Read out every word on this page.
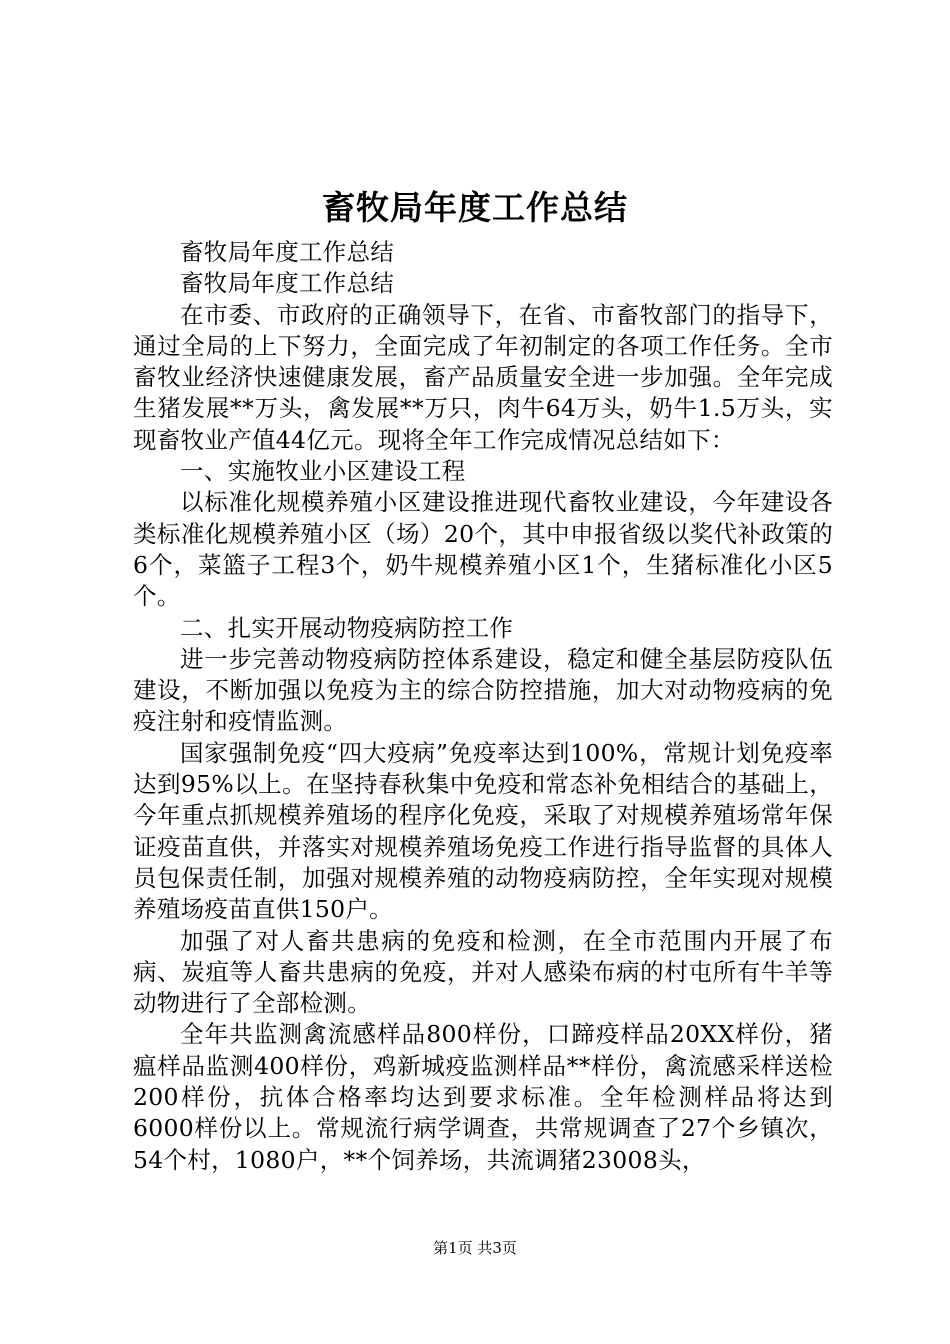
畜牧局年度工作总结

畜牧局年度工作总结

畜牧局年度工作总结

在市委、市政府的正确领导下，在省、市畜牧部门的指导下，通过全局的上下努力，全面完成了年初制定的各项工作任务。全市畜牧业经济快速健康发展，畜产品质量安全进一步加强。全年完成生猪发展**万头，禽发展**万只，肉牛64万头，奶牛1.5万头，实现畜牧业产值44亿元。现将全年工作完成情况总结如下：

一、实施牧业小区建设工程

以标准化规模养殖小区建设推进现代畜牧业建设，今年建设各类标准化规模养殖小区（场）20个，其中申报省级以奖代补政策的6个，菜篮子工程3个，奶牛规模养殖小区1个，生猪标准化小区5个。

二、扎实开展动物疫病防控工作

进一步完善动物疫病防控体系建设，稳定和健全基层防疫队伍建设，不断加强以免疫为主的综合防控措施，加大对动物疫病的免疫注射和疫情监测。

国家强制免疫“四大疫病”免疫率达到100%，常规计划免疫率达到95%以上。在坚持春秋集中免疫和常态补免相结合的基础上，今年重点抓规模养殖场的程序化免疫，采取了对规模养殖场常年保证疫苗直供，并落实对规模养殖场免疫工作进行指导监督的具体人员包保责任制，加强对规模养殖的动物疫病防控，全年实现对规模养殖场疫苗直供150户。

加强了对人畜共患病的免疫和检测，在全市范围内开展了布病、炭疽等人畜共患病的免疫，并对人感染布病的村屯所有牛羊等动物进行了全部检测。

全年共监测禽流感样品800样份，口蹄疫样品20XX样份，猪瘟样品监测400样份，鸡新城疫监测样品**样份，禽流感采样送检200样份，抗体合格率均达到要求标准。全年检测样品将达到6000样份以上。常规流行病学调查，共常规调查了27个乡镇次，54个村，1080户，**个饲养场，共流调猪23008头，

第1页 共3页
